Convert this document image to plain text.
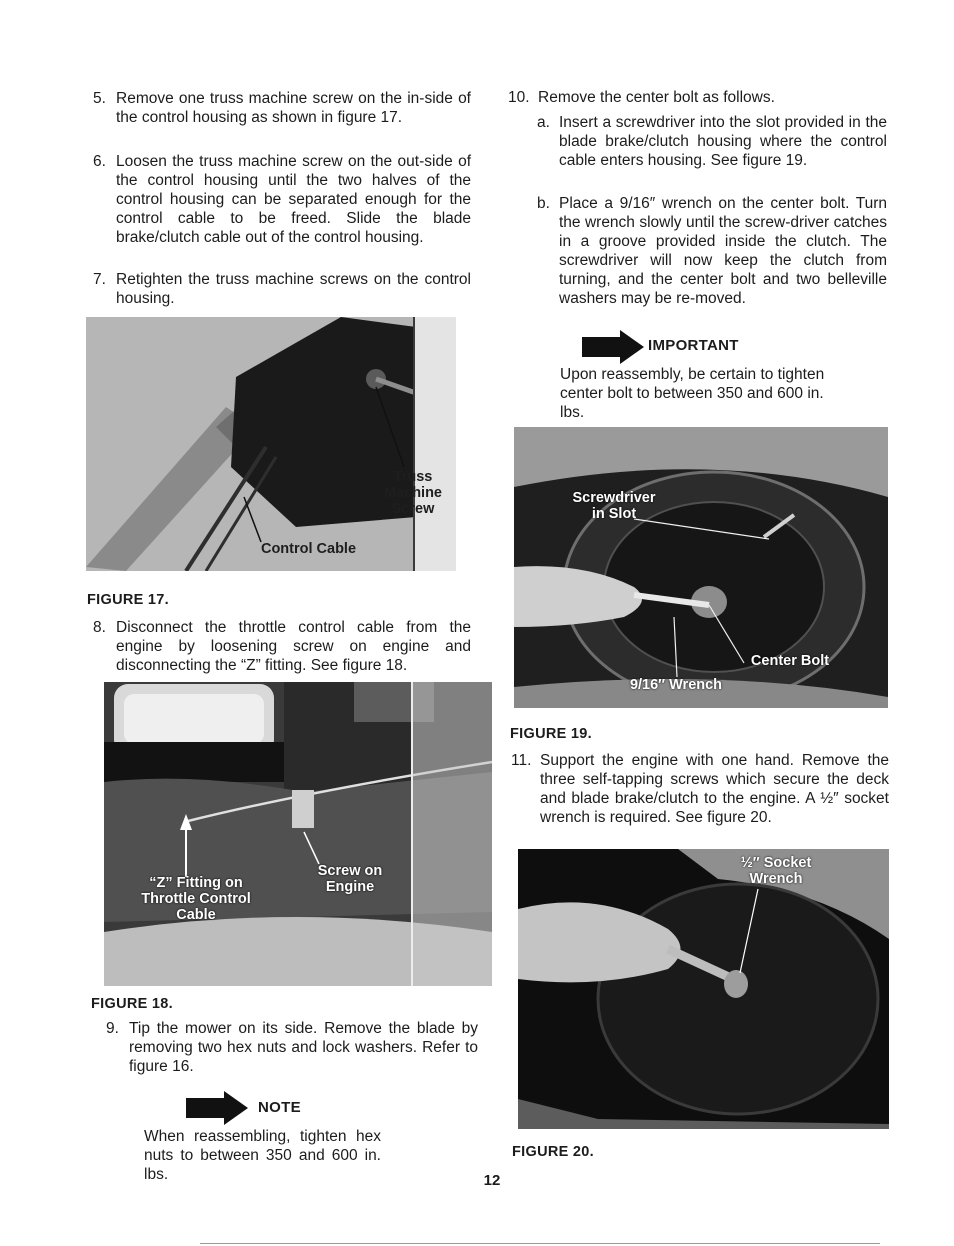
5. Remove one truss machine screw on the in-side of the control housing as shown in figure 17.
6. Loosen the truss machine screw on the out-side of the control housing until the two halves of the control housing can be separated enough for the control cable to be freed. Slide the blade brake/clutch cable out of the control housing.
7. Retighten the truss machine screws on the control housing.
Truss
Machine
Screw
Control Cable
FIGURE 17.
8. Disconnect the throttle control cable from the engine by loosening screw on engine and disconnecting the “Z” fitting. See figure 18.
“Z” Fitting on
Throttle Control
Cable
Screw on
Engine
FIGURE 18.
9. Tip the mower on its side. Remove the blade by removing two hex nuts and lock washers. Refer to figure 16.
NOTE
When reassembling, tighten hex nuts to between 350 and 600 in. lbs.
10. Remove the center bolt as follows.
a. Insert a screwdriver into the slot provided in the blade brake/clutch housing where the control cable enters housing. See figure 19.
b. Place a 9/16″ wrench on the center bolt. Turn the wrench slowly until the screw-driver catches in a groove provided inside the clutch. The screwdriver will now keep the clutch from turning, and the center bolt and two belleville washers may be re-moved.
IMPORTANT
Upon reassembly, be certain to tighten center bolt to between 350 and 600 in. lbs.
Screwdriver
in Slot
Center Bolt
9/16″ Wrench
FIGURE 19.
11. Support the engine with one hand. Remove the three self-tapping screws which secure the deck and blade brake/clutch to the engine. A ½″ socket wrench is required. See figure 20.
½″ Socket
Wrench
FIGURE 20.
12
